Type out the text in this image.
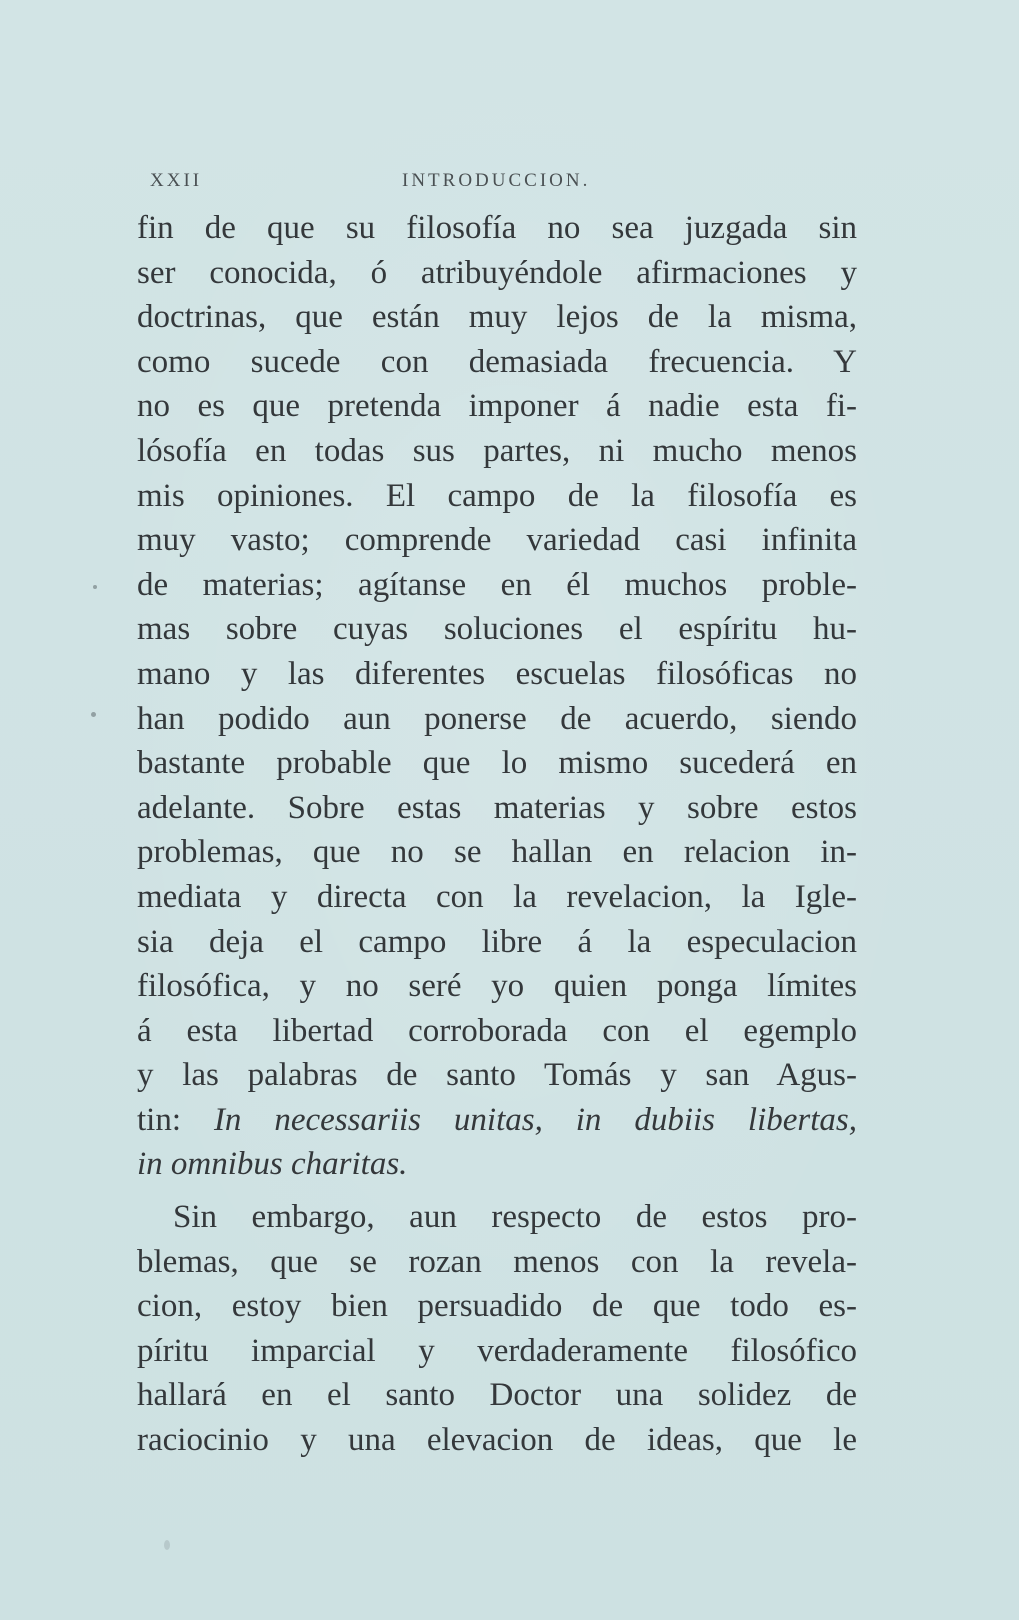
XXII	INTRODUCCION.
fin de que su filosofía no sea juzgada sin
ser conocida, ó atribuyéndole afirmaciones y
doctrinas, que están muy lejos de la misma,
como sucede con demasiada frecuencia. Y
no es que pretenda imponer á nadie esta fi-
lósofía en todas sus partes, ni mucho menos
mis opiniones. El campo de la filosofía es
muy vasto; comprende variedad casi infinita
de materias; agítanse en él muchos proble-
mas sobre cuyas soluciones el espíritu hu-
mano y las diferentes escuelas filosóficas no
han podido aun ponerse de acuerdo, siendo
bastante probable que lo mismo sucederá en
adelante. Sobre estas materias y sobre estos
problemas, que no se hallan en relacion in-
mediata y directa con la revelacion, la Igle-
sia deja el campo libre á la especulacion
filosófica, y no seré yo quien ponga límites
á esta libertad corroborada con el egemplo
y las palabras de santo Tomás y san Agus-
tin: In necessariis unitas, in dubiis libertas,
in omnibus charitas.
Sin embargo, aun respecto de estos pro-
blemas, que se rozan menos con la revela-
cion, estoy bien persuadido de que todo es-
píritu imparcial y verdaderamente filosófico
hallará en el santo Doctor una solidez de
raciocinio y una elevacion de ideas, que le
